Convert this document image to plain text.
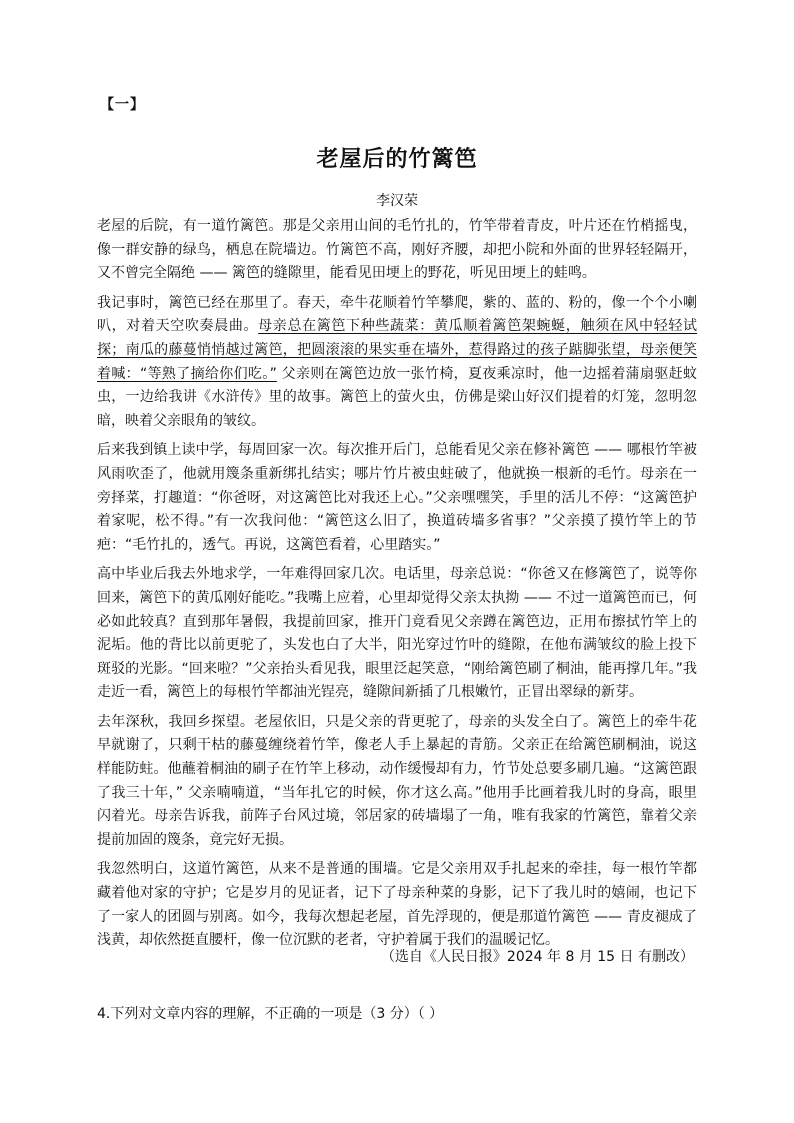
【一】
老屋后的竹篱笆
李汉荣

老屋的后院，有一道竹篱笆。那是父亲用山间的毛竹扎的，竹竿带着青皮，叶片还在竹梢摇曳，像一群安静的绿鸟，栖息在院墙边。竹篱笆不高，刚好齐腰，却把小院和外面的世界轻轻隔开，又不曾完全隔绝 —— 篱笆的缝隙里，能看见田埂上的野花，听见田埂上的蛙鸣。

我记事时，篱笆已经在那里了。春天，牵牛花顺着竹竿攀爬，紫的、蓝的、粉的，像一个个小喇叭，对着天空吹奏晨曲。母亲总在篱笆下种些蔬菜：黄瓜顺着篱笆架蜿蜒，触须在风中轻轻试探；南瓜的藤蔓悄悄越过篱笆，把圆滚滚的果实垂在墙外，惹得路过的孩子踮脚张望，母亲便笑着喊：“等熟了摘给你们吃。” 父亲则在篱笆边放一张竹椅，夏夜乘凉时，他一边摇着蒲扇驱赶蚊虫，一边给我讲《水浒传》里的故事。篱笆上的萤火虫，仿佛是梁山好汉们提着的灯笼，忽明忽暗，映着父亲眼角的皱纹。

后来我到镇上读中学，每周回家一次。每次推开后门，总能看见父亲在修补篱笆 —— 哪根竹竿被风雨吹歪了，他就用篾条重新绑扎结实；哪片竹片被虫蛀破了，他就换一根新的毛竹。母亲在一旁择菜，打趣道：“你爸呀，对这篱笆比对我还上心。”父亲嘿嘿笑，手里的活儿不停：“这篱笆护着家呢，松不得。”有一次我问他：“篱笆这么旧了，换道砖墙多省事？”父亲摸了摸竹竿上的节疤：“毛竹扎的，透气。再说，这篱笆看着，心里踏实。”

高中毕业后我去外地求学，一年难得回家几次。电话里，母亲总说：“你爸又在修篱笆了，说等你回来，篱笆下的黄瓜刚好能吃。”我嘴上应着，心里却觉得父亲太执拗 —— 不过一道篱笆而已，何必如此较真？直到那年暑假，我提前回家，推开门竟看见父亲蹲在篱笆边，正用布擦拭竹竿上的泥垢。他的背比以前更驼了，头发也白了大半，阳光穿过竹叶的缝隙，在他布满皱纹的脸上投下斑驳的光影。“回来啦？”父亲抬头看见我，眼里泛起笑意，“刚给篱笆刷了桐油，能再撑几年。”我走近一看，篱笆上的每根竹竿都油光锃亮，缝隙间新插了几根嫩竹，正冒出翠绿的新芽。

去年深秋，我回乡探望。老屋依旧，只是父亲的背更驼了，母亲的头发全白了。篱笆上的牵牛花早就谢了，只剩干枯的藤蔓缠绕着竹竿，像老人手上暴起的青筋。父亲正在给篱笆刷桐油，说这样能防蛀。他蘸着桐油的刷子在竹竿上移动，动作缓慢却有力，竹节处总要多刷几遍。“这篱笆跟了我三十年，” 父亲喃喃道，“当年扎它的时候，你才这么高。”他用手比画着我儿时的身高，眼里闪着光。母亲告诉我，前阵子台风过境，邻居家的砖墙塌了一角，唯有我家的竹篱笆，靠着父亲提前加固的篾条，竟完好无损。

我忽然明白，这道竹篱笆，从来不是普通的围墙。它是父亲用双手扎起来的牵挂，每一根竹竿都藏着他对家的守护；它是岁月的见证者，记下了母亲种菜的身影，记下了我儿时的嬉闹，也记下了一家人的团圆与别离。如今，我每次想起老屋，首先浮现的，便是那道竹篱笆 —— 青皮褪成了浅黄，却依然挺直腰杆，像一位沉默的老者，守护着属于我们的温暖记忆。

（选自《人民日报》2024 年 8 月 15 日 有删改）
4.下列对文章内容的理解，不正确的一项是（3 分）（ ）
